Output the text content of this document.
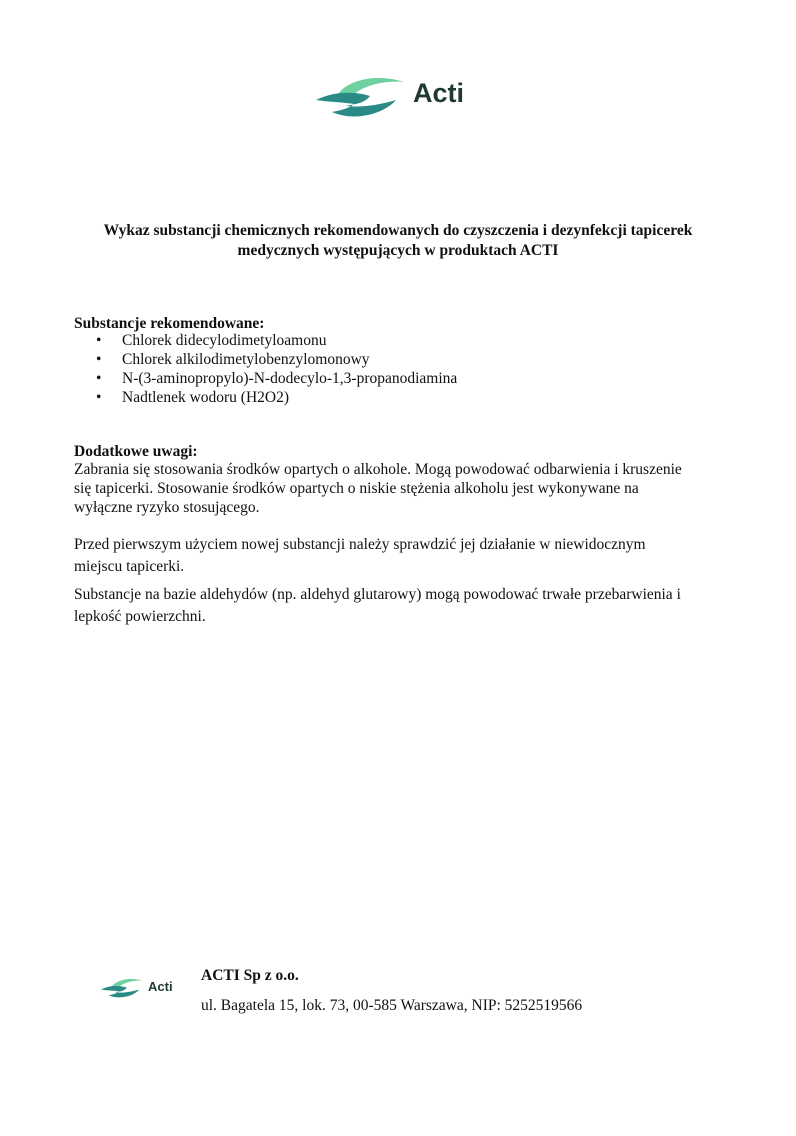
Acti
Wykaz substancji chemicznych rekomendowanych do czyszczenia i dezynfekcji tapicerek
medycznych występujących w produktach ACTI
Substancje rekomendowane:
• Chlorek didecylodimetyloamonu
• Chlorek alkilodimetylobenzylomonowy
• N-(3-aminopropylo)-N-dodecylo-1,3-propanodiamina
• Nadtlenek wodoru (H2O2)
Dodatkowe uwagi:

Zabrania się stosowania środków opartych o alkohole. Mogą powodować odbarwienia i kruszenie
się tapicerki. Stosowanie środków opartych o niskie stężenia alkoholu jest wykonywane na
wyłączne ryzyko stosującego.

Przed pierwszym użyciem nowej substancji należy sprawdzić jej działanie w niewidocznym
miejscu tapicerki.

Substancje na bazie aldehydów (np. aldehyd glutarowy) mogą powodować trwałe przebarwienia i
lepkość powierzchni.

Acti
ACTI Sp z o.o.
ul. Bagatela 15, lok. 73, 00-585 Warszawa, NIP: 5252519566
